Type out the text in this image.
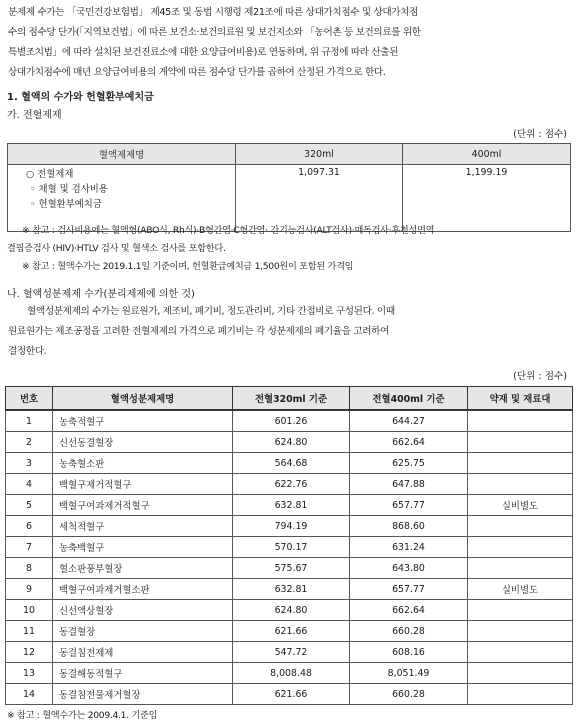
분제제 수가는 「국민건강보험법」 제45조 및 동법 시행령 제21조에 따른 상대가치점수 및 상대가치점
수의 점수당 단가(「지역보건법」에 따른 보건소·보건의료원 및 보건지소와 「농어촌 등 보건의료를 위한
특별조치법」에 따라 설치된 보건진료소에 대한 요양급여비용)로 연동하며, 위 규정에 따라 산출된
상대가치점수에 매년 요양급여비용의 계약에 따른 점수당 단가를 곱하여 산정된 가격으로 한다.
1. 혈액의 수가와 헌혈환부예치금
가. 전혈제제
(단위 : 점수)
혈액제제명	320ml	400ml

○ 전혈제제
◦ 채혈 및 검사비용
◦ 헌혈환부예치금	1,097.31	1,199.19
※ 참고 : 검사비용에는 혈액형(ABO식, Rh식)·B형간염·C형간염· 간기능검사(ALT검사)·매독검사·후천성면역
결핍증검사 (HIV)·HTLV 검사 및 혈색소 검사를 포함한다.
※ 참고 : 혈액수가는 2019.1.1일 기준이며, 헌혈환급예치금 1,500원이 포함된 가격임
나. 혈액성분제제 수가(분리제제에 의한 것)
혈액성분제제의 수가는 원료원가, 제조비, 폐기비, 정도관리비, 기타 간접비로 구성된다. 이때
원료원가는 제조공정을 고려한 전혈제제의 가격으로 폐기비는 각 성분제제의 폐기율을 고려하여
결정한다.
(단위 : 점수)
번호	혈액성분제제명	전혈320ml 기준	전혈400ml 기준	약재 및 재료대
1	농축적혈구	601.26	644.27	
2	신선동결혈장	624.80	662.64	
3	농축혈소판	564.68	625.75	
4	백혈구제거적혈구	622.76	647.88	
5	백혈구여과제거적혈구	632.81	657.77	실비별도
6	세척적혈구	794.19	868.60	
7	농축백혈구	570.17	631.24	
8	혈소판풍부혈장	575.67	643.80	
9	백혈구여과제거혈소판	632.81	657.77	실비별도
10	신선액상혈장	624.80	662.64	
11	동결혈장	621.66	660.28	
12	동결침전제제	547.72	608.16	
13	동결해동적혈구	8,008.48	8,051.49	
14	동결침전물제거혈장	621.66	660.28	
※ 참고 : 혈액수가는 2009.4.1. 기준임
